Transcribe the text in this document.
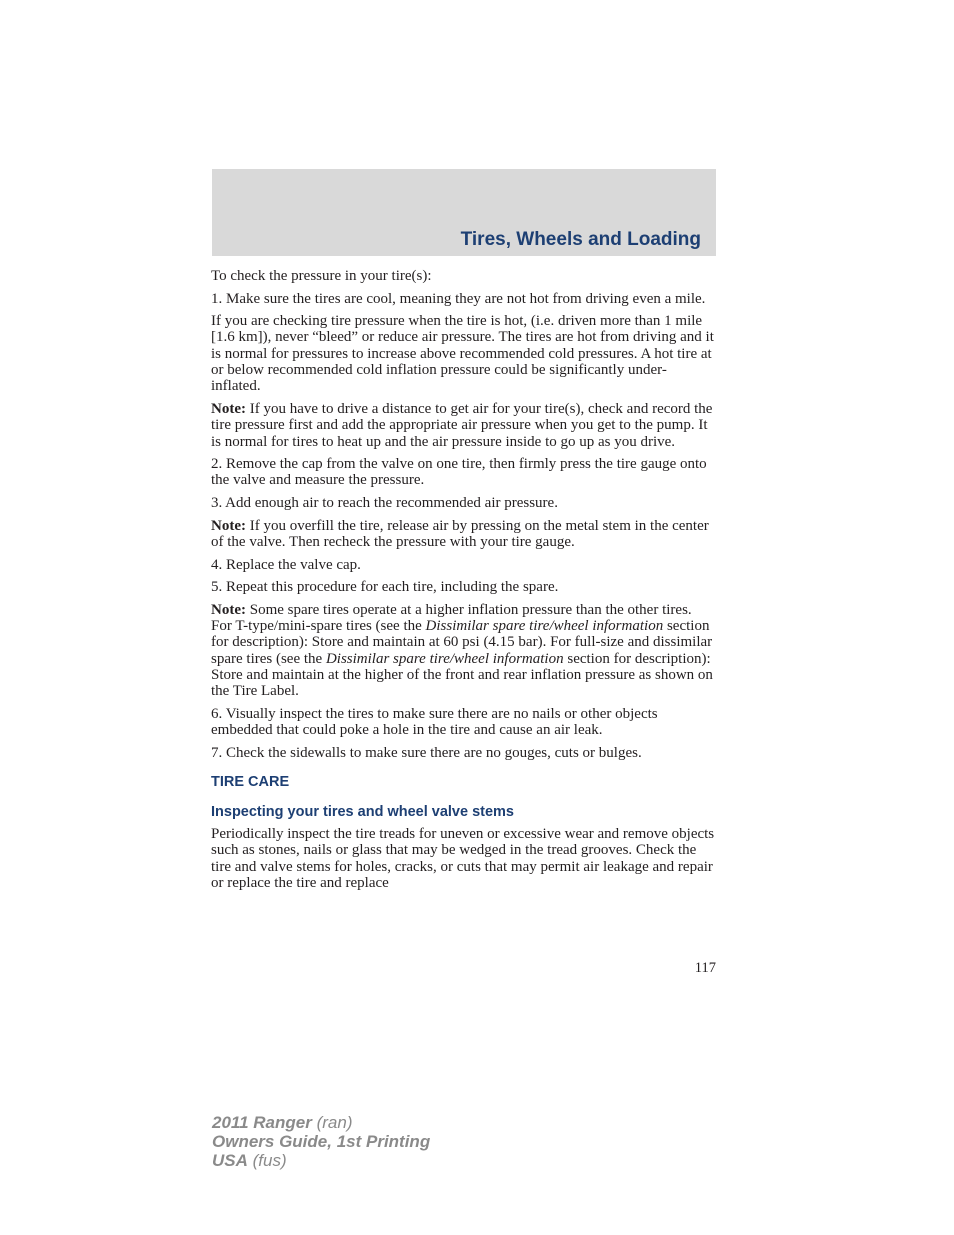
Tires, Wheels and Loading

To check the pressure in your tire(s):

1. Make sure the tires are cool, meaning they are not hot from driving even a mile.

If you are checking tire pressure when the tire is hot, (i.e. driven more than 1 mile [1.6 km]), never “bleed” or reduce air pressure. The tires are hot from driving and it is normal for pressures to increase above recommended cold pressures. A hot tire at or below recommended cold inflation pressure could be significantly under-inflated.

Note: If you have to drive a distance to get air for your tire(s), check and record the tire pressure first and add the appropriate air pressure when you get to the pump. It is normal for tires to heat up and the air pressure inside to go up as you drive.

2. Remove the cap from the valve on one tire, then firmly press the tire gauge onto the valve and measure the pressure.

3. Add enough air to reach the recommended air pressure.

Note: If you overfill the tire, release air by pressing on the metal stem in the center of the valve. Then recheck the pressure with your tire gauge.

4. Replace the valve cap.

5. Repeat this procedure for each tire, including the spare.

Note: Some spare tires operate at a higher inflation pressure than the other tires. For T-type/mini-spare tires (see the Dissimilar spare tire/wheel information section for description): Store and maintain at 60 psi (4.15 bar). For full-size and dissimilar spare tires (see the Dissimilar spare tire/wheel information section for description): Store and maintain at the higher of the front and rear inflation pressure as shown on the Tire Label.

6. Visually inspect the tires to make sure there are no nails or other objects embedded that could poke a hole in the tire and cause an air leak.

7. Check the sidewalls to make sure there are no gouges, cuts or bulges.

TIRE CARE
Inspecting your tires and wheel valve stems

Periodically inspect the tire treads for uneven or excessive wear and remove objects such as stones, nails or glass that may be wedged in the tread grooves. Check the tire and valve stems for holes, cracks, or cuts that may permit air leakage and repair or replace the tire and replace

117
2011 Ranger (ran)
Owners Guide, 1st Printing
USA (fus)
